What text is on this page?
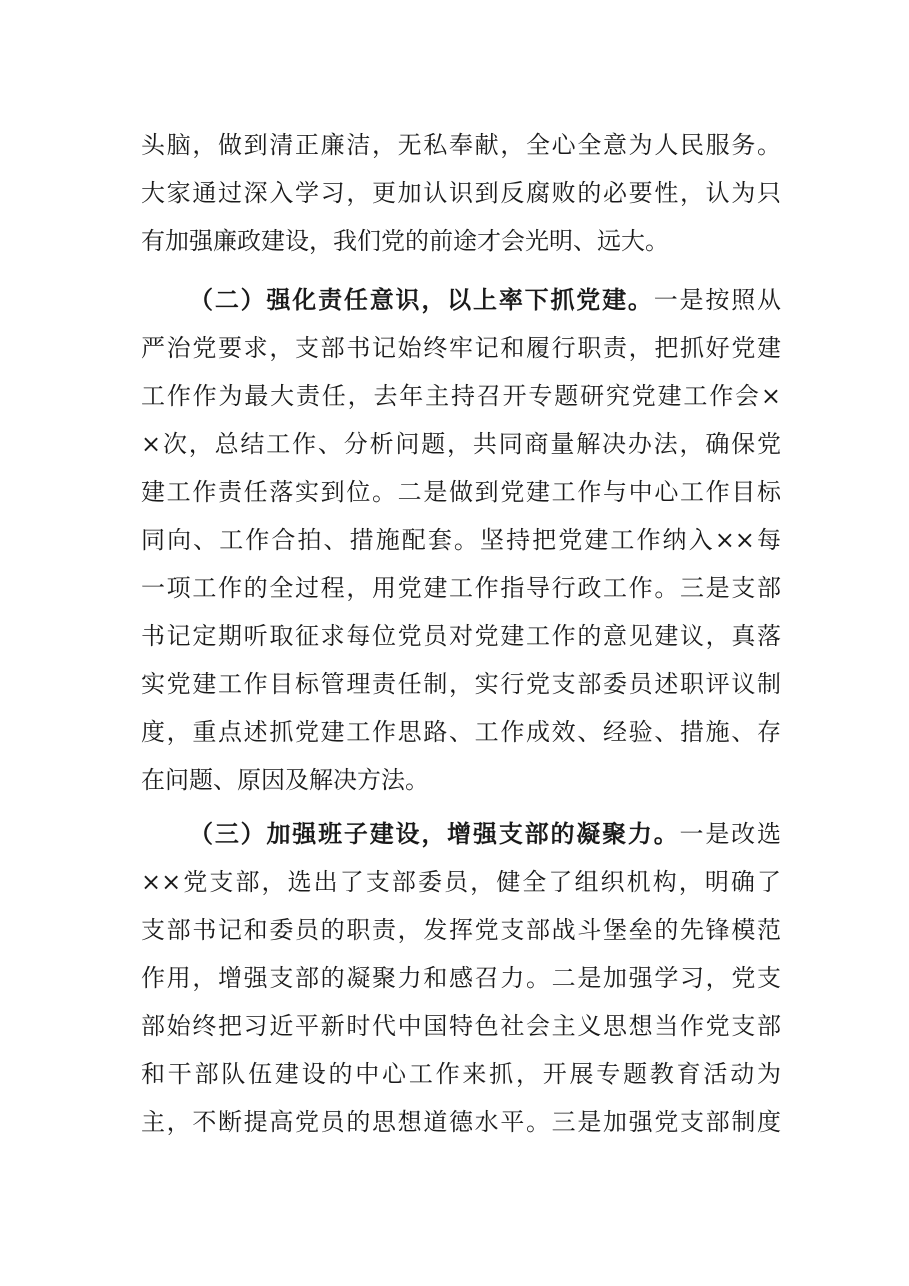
头脑，做到清正廉洁，无私奉献，全心全意为人民服务。
大家通过深入学习，更加认识到反腐败的必要性，认为只
有加强廉政建设，我们党的前途才会光明、远大。
（二）强化责任意识，以上率下抓党建。一是按照从
严治党要求，支部书记始终牢记和履行职责，把抓好党建
工作作为最大责任，去年主持召开专题研究党建工作会×
×次，总结工作、分析问题，共同商量解决办法，确保党
建工作责任落实到位。二是做到党建工作与中心工作目标
同向、工作合拍、措施配套。坚持把党建工作纳入××每
一项工作的全过程，用党建工作指导行政工作。三是支部
书记定期听取征求每位党员对党建工作的意见建议，真落
实党建工作目标管理责任制，实行党支部委员述职评议制
度，重点述抓党建工作思路、工作成效、经验、措施、存
在问题、原因及解决方法。
（三）加强班子建设，增强支部的凝聚力。一是改选
××党支部，选出了支部委员，健全了组织机构，明确了
支部书记和委员的职责，发挥党支部战斗堡垒的先锋模范
作用，增强支部的凝聚力和感召力。二是加强学习，党支
部始终把习近平新时代中国特色社会主义思想当作党支部
和干部队伍建设的中心工作来抓，开展专题教育活动为
主，不断提高党员的思想道德水平。三是加强党支部制度
